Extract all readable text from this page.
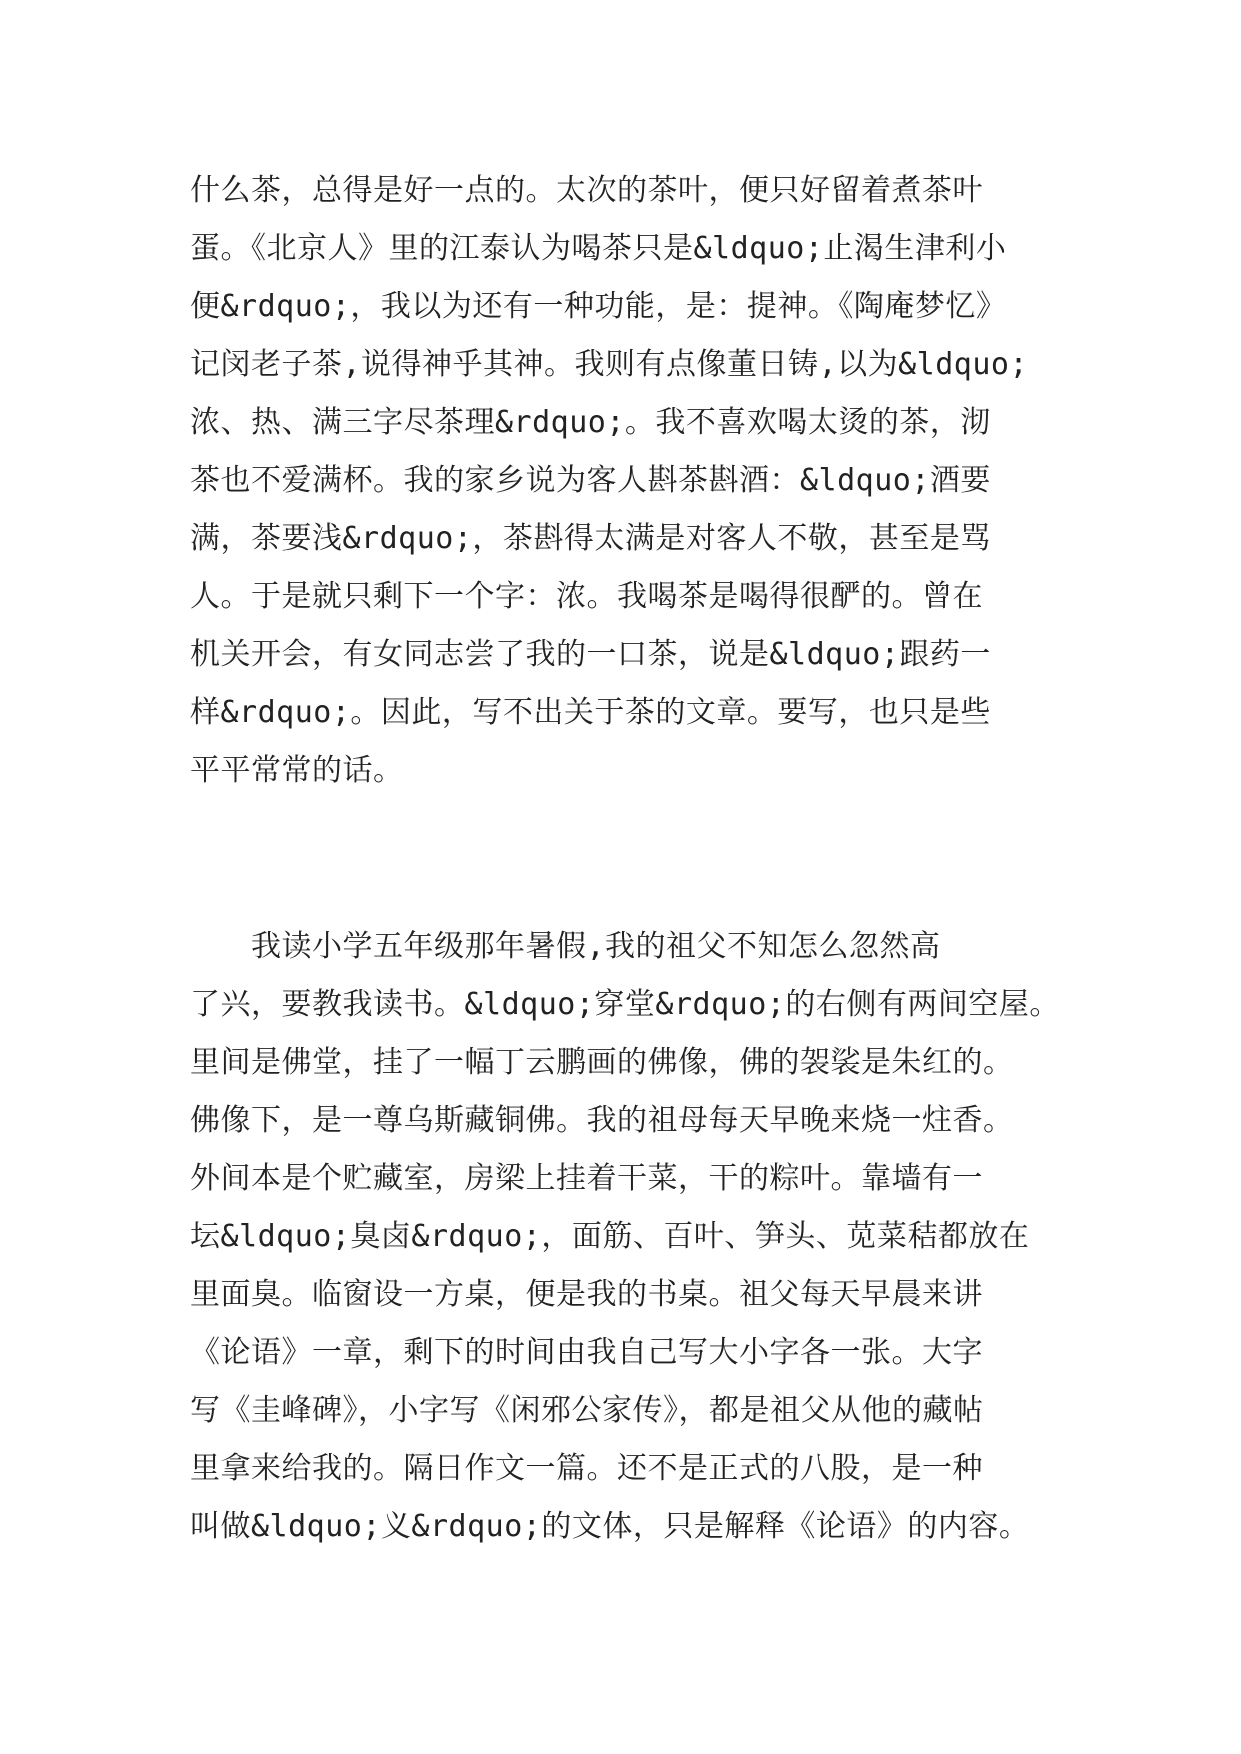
什么茶，总得是好一点的。太次的茶叶，便只好留着煮茶叶
蛋。《北京人》里的江泰认为喝茶只是&ldquo;止渴生津利小
便&rdquo;，我以为还有一种功能，是：提神。《陶庵梦忆》
记闵老子茶,说得神乎其神。我则有点像董日铸,以为&ldquo;
浓、热、满三字尽茶理&rdquo;。我不喜欢喝太烫的茶，沏
茶也不爱满杯。我的家乡说为客人斟茶斟酒：&ldquo;酒要
满，茶要浅&rdquo;，茶斟得太满是对客人不敬，甚至是骂
人。于是就只剩下一个字：浓。我喝茶是喝得很酽的。曾在
机关开会，有女同志尝了我的一口茶，说是&ldquo;跟药一
样&rdquo;。因此，写不出关于茶的文章。要写，也只是些
平平常常的话。
　　我读小学五年级那年暑假,我的祖父不知怎么忽然高
了兴，要教我读书。&ldquo;穿堂&rdquo;的右侧有两间空屋。
里间是佛堂，挂了一幅丁云鹏画的佛像，佛的袈裟是朱红的。
佛像下，是一尊乌斯藏铜佛。我的祖母每天早晚来烧一炷香。
外间本是个贮藏室，房梁上挂着干菜，干的粽叶。靠墙有一
坛&ldquo;臭卤&rdquo;，面筋、百叶、笋头、苋菜秸都放在
里面臭。临窗设一方桌，便是我的书桌。祖父每天早晨来讲
《论语》一章，剩下的时间由我自己写大小字各一张。大字
写《圭峰碑》，小字写《闲邪公家传》，都是祖父从他的藏帖
里拿来给我的。隔日作文一篇。还不是正式的八股，是一种
叫做&ldquo;义&rdquo;的文体，只是解释《论语》的内容。
